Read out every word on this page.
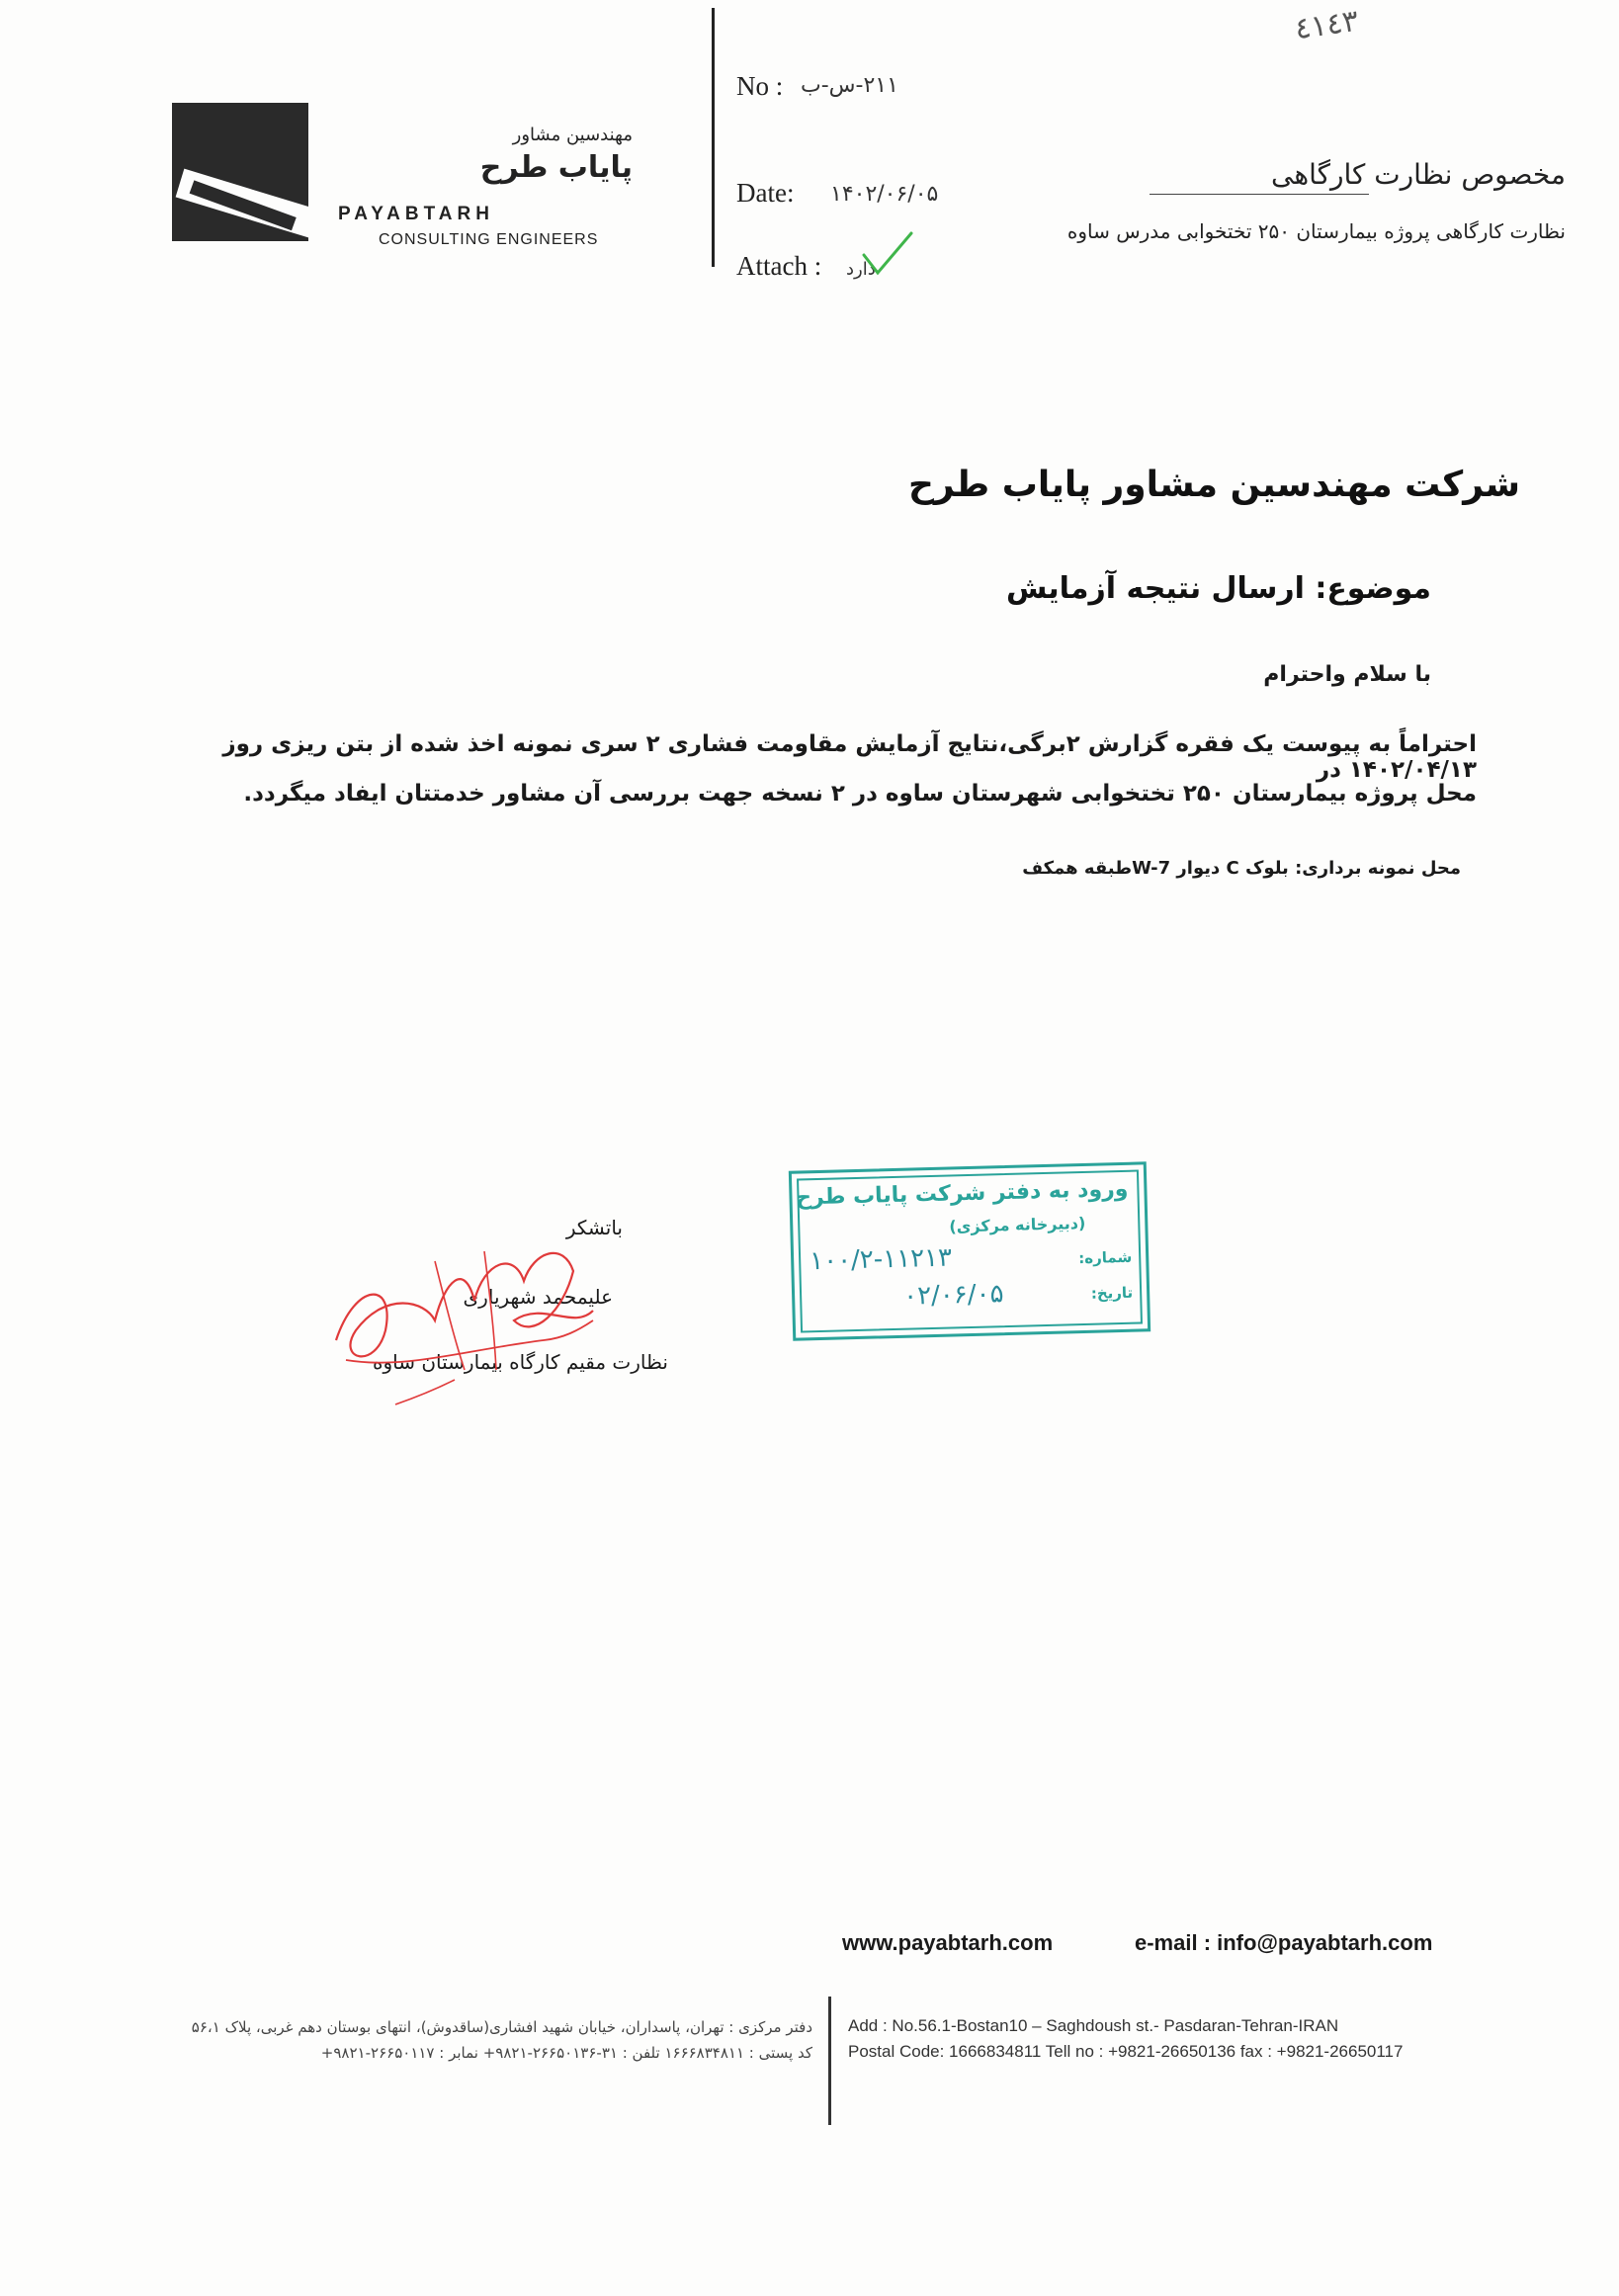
مهندسین مشاور
پایاب طرح
PAYABTARH
CONSULTING ENGINEERS
٤١٤٣
No : ۲۱۱-س-ب
Date: ۱۴۰۲/۰۶/۰۵
Attach : دارد
مخصوص نظارت کارگاهی
نظارت کارگاهی پروژه بیمارستان ۲۵۰ تختخوابی مدرس ساوه
شرکت مهندسین مشاور پایاب طرح
موضوع: ارسال نتیجه آزمایش
با سلام واحترام
احتراماً به پیوست یک فقره گزارش ۲برگی،نتایج آزمایش مقاومت فشاری ۲ سری نمونه اخذ شده از بتن ریزی روز ۱۴۰۲/۰۴/۱۳ در
محل پروژه بیمارستان ۲۵۰ تختخوابی شهرستان ساوه در ۲ نسخه جهت بررسی آن مشاور خدمتتان ایفاد میگردد.
محل نمونه برداری: بلوک C دیوار W-7طبقه همکف
ورود به دفتر شرکت پایاب طرح
(دبیرخانه مرکزی)
شماره:
۱۰۰/۲-۱۱۲۱۳
تاریخ:
۰۲/۰۶/۰۵
باتشکر
علیمحمد شهریاری
نظارت مقیم کارگاه بیمارستان ساوه
www.payabtarh.com	e-mail : info@payabtarh.com
Add : No.56.1-Bostan10 – Saghdoush st.- Pasdaran-Tehran-IRAN
Postal Code: 1666834811 Tell no : +9821-26650136 fax : +9821-26650117
دفتر مرکزی : تهران، پاسداران، خیابان شهید افشاری(ساقدوش)، انتهای بوستان دهم غربی، پلاک ۵۶،۱
کد پستی : ۱۶۶۶۸۳۴۸۱۱ تلفن : ۳۱-۲۶۶۵۰۱۳۶-۹۸۲۱+ نمابر : ۲۶۶۵۰۱۱۷-۹۸۲۱+
